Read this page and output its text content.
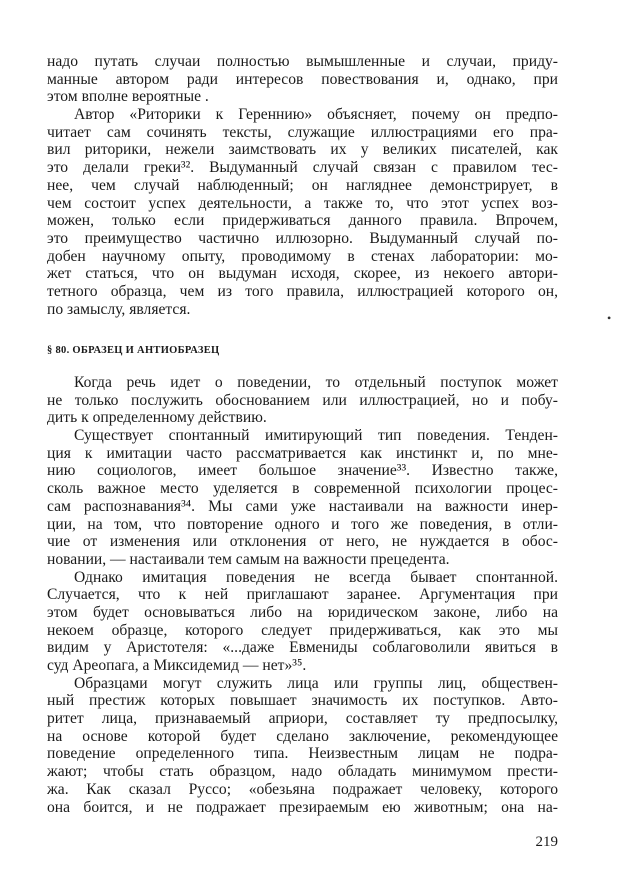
надо путать случаи полностью вымышленные и случаи, приду-
манные автором ради интересов повествования и, однако, при
этом вполне вероятные .
Автор «Риторики к Гереннию» объясняет, почему он предпо-
читает сам сочинять тексты, служащие иллюстрациями его пра-
вил риторики, нежели заимствовать их у великих писателей, как
это делали греки³². Выдуманный случай связан с правилом тес-
нее, чем случай наблюденный; он нагляднее демонстрирует, в
чем состоит успех деятельности, а также то, что этот успех воз-
можен, только если придерживаться данного правила. Впрочем,
это преимущество частично иллюзорно. Выдуманный случай по-
добен научному опыту, проводимому в стенах лаборатории: мо-
жет статься, что он выдуман исходя, скорее, из некоего автори-
тетного образца, чем из того правила, иллюстрацией которого он,
по замыслу, является.
§ 80. ОБРАЗЕЦ И АНТИОБРАЗЕЦ
Когда речь идет о поведении, то отдельный поступок может
не только послужить обоснованием или иллюстрацией, но и побу-
дить к определенному действию.
Существует спонтанный имитирующий тип поведения. Тенден-
ция к имитации часто рассматривается как инстинкт и, по мне-
нию социологов, имеет большое значение³³. Известно также,
сколь важное место уделяется в современной психологии процес-
сам распознавания³⁴. Мы сами уже настаивали на важности инер-
ции, на том, что повторение одного и того же поведения, в отли-
чие от изменения или отклонения от него, не нуждается в обос-
новании, — настаивали тем самым на важности прецедента.
Однако имитация поведения не всегда бывает спонтанной.
Случается, что к ней приглашают заранее. Аргументация при
этом будет основываться либо на юридическом законе, либо на
некоем образце, которого следует придерживаться, как это мы
видим у Аристотеля: «...даже Евмениды соблаговолили явиться в
суд Ареопага, а Миксидемид — нет»³⁵.
Образцами могут служить лица или группы лиц, обществен-
ный престиж которых повышает значимость их поступков. Авто-
ритет лица, признаваемый априори, составляет ту предпосылку,
на основе которой будет сделано заключение, рекомендующее
поведение определенного типа. Неизвестным лицам не подра-
жают; чтобы стать образцом, надо обладать минимумом прести-
жа. Как сказал Руссо; «обезьяна подражает человеку, которого
она боится, и не подражает презираемым ею животным; она на-
•
219
